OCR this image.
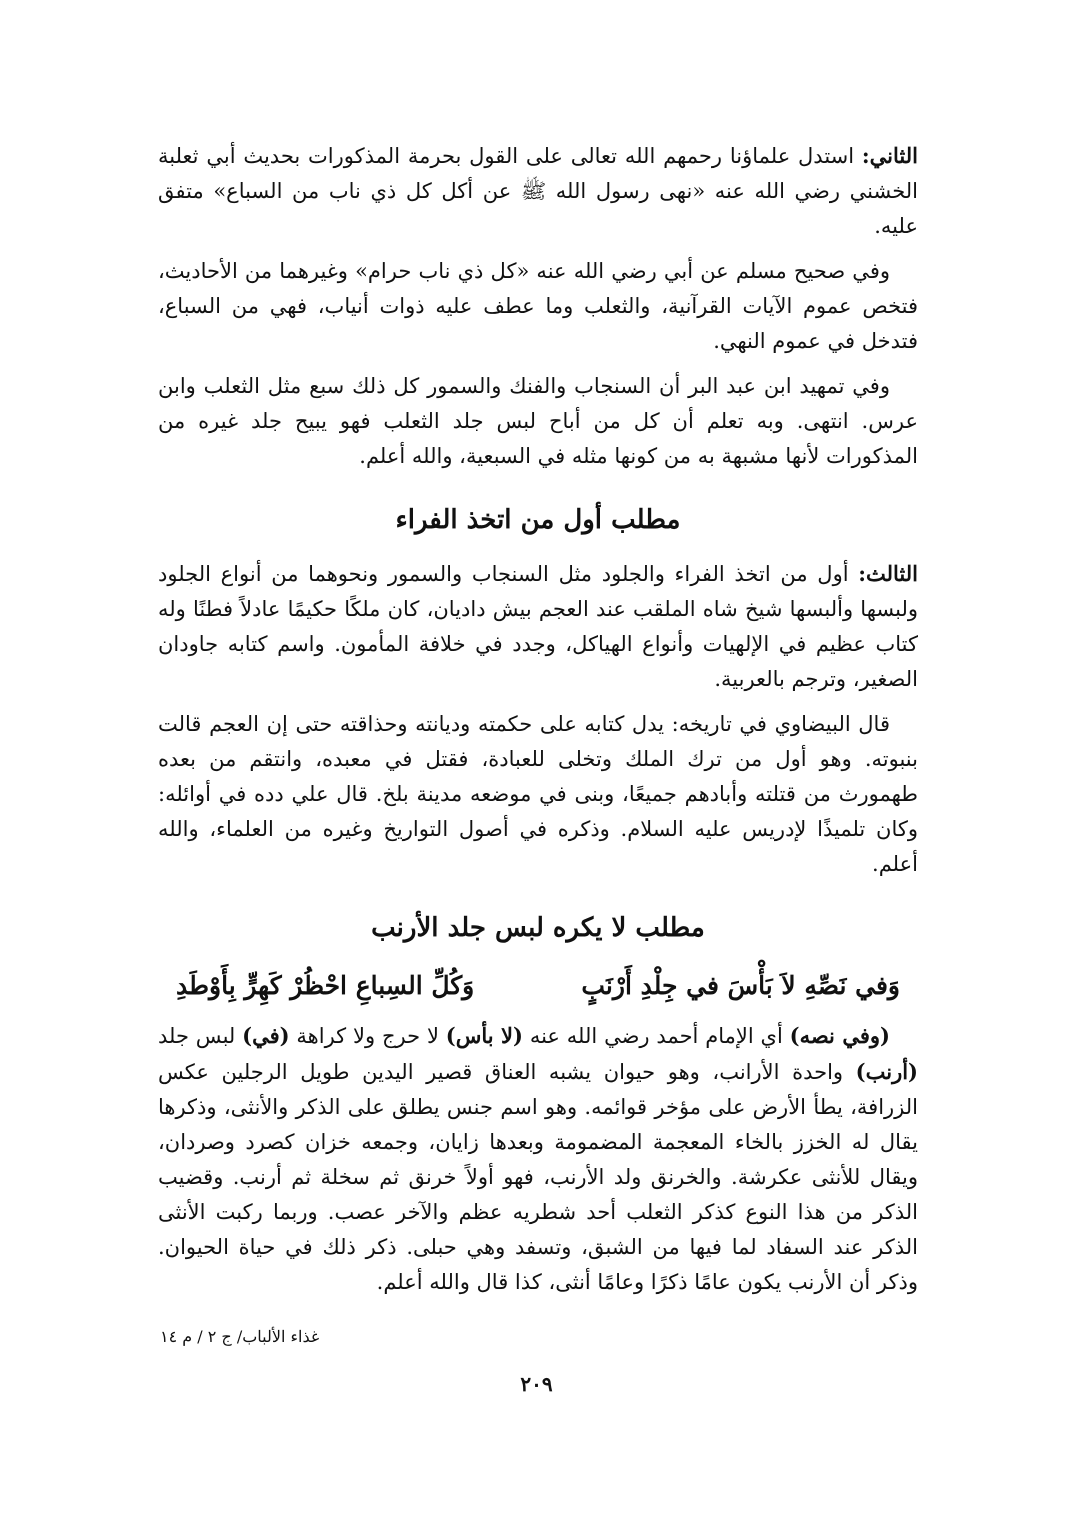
الثاني: استدل علماؤنا رحمهم الله تعالى على القول بحرمة المذكورات بحديث أبي ثعلبة الخشني رضي الله عنه «نهى رسول الله ﷺ عن أكل كل ذي ناب من السباع» متفق عليه.

وفي صحيح مسلم عن أبي رضي الله عنه «كل ذي ناب حرام» وغيرهما من الأحاديث، فتخص عموم الآيات القرآنية، والثعلب وما عطف عليه ذوات أنياب، فهي من السباع، فتدخل في عموم النهي.

وفي تمهيد ابن عبد البر أن السنجاب والفنك والسمور كل ذلك سبع مثل الثعلب وابن عرس. انتهى. وبه تعلم أن كل من أباح لبس جلد الثعلب فهو يبيح جلد غيره من المذكورات لأنها مشبهة به من كونها مثله في السبعية، والله أعلم.

مطلب أول من اتخذ الفراء

الثالث: أول من اتخذ الفراء والجلود مثل السنجاب والسمور ونحوهما من أنواع الجلود ولبسها وألبسها شيخ شاه الملقب عند العجم بيش داديان، كان ملكًا حكيمًا عادلاً فطنًا وله كتاب عظيم في الإلهيات وأنواع الهياكل، وجدد في خلافة المأمون. واسم كتابه جاودان الصغير، وترجم بالعربية.

قال البيضاوي في تاريخه: يدل كتابه على حكمته وديانته وحذاقته حتى إن العجم قالت بنبوته. وهو أول من ترك الملك وتخلى للعبادة، فقتل في معبده، وانتقم من بعده طهمورث من قتلته وأبادهم جميعًا، وبنى في موضعه مدينة بلخ. قال علي دده في أوائله: وكان تلميذًا لإدريس عليه السلام. وذكره في أصول التواريخ وغيره من العلماء، والله أعلم.

مطلب لا يكره لبس جلد الأرنب
وَفي نَصِّهِ لاَ بَأْسَ في جِلْدِ أَرْنَبٍ
وَكُلِّ السِباعِ احْظُرْ كَهِرٍّ بِأَوْطَدِ

(وفي نصه) أي الإمام أحمد رضي الله عنه (لا بأس) لا حرج ولا كراهة (في) لبس جلد (أرنب) واحدة الأرانب، وهو حيوان يشبه العناق قصير اليدين طويل الرجلين عكس الزرافة، يطأ الأرض على مؤخر قوائمه. وهو اسم جنس يطلق على الذكر والأنثى، وذكرها يقال له الخزز بالخاء المعجمة المضمومة وبعدها زايان، وجمعه خزان كصرد وصردان، ويقال للأنثى عكرشة. والخرنق ولد الأرنب، فهو أولاً خرنق ثم سخلة ثم أرنب. وقضيب الذكر من هذا النوع كذكر الثعلب أحد شطريه عظم والآخر عصب. وربما ركبت الأنثى الذكر عند السفاد لما فيها من الشبق، وتسفد وهي حبلى. ذكر ذلك في حياة الحيوان. وذكر أن الأرنب يكون عامًا ذكرًا وعامًا أنثى، كذا قال والله أعلم.

غذاء الألباب/ ج ٢ / م ١٤
٢٠٩
